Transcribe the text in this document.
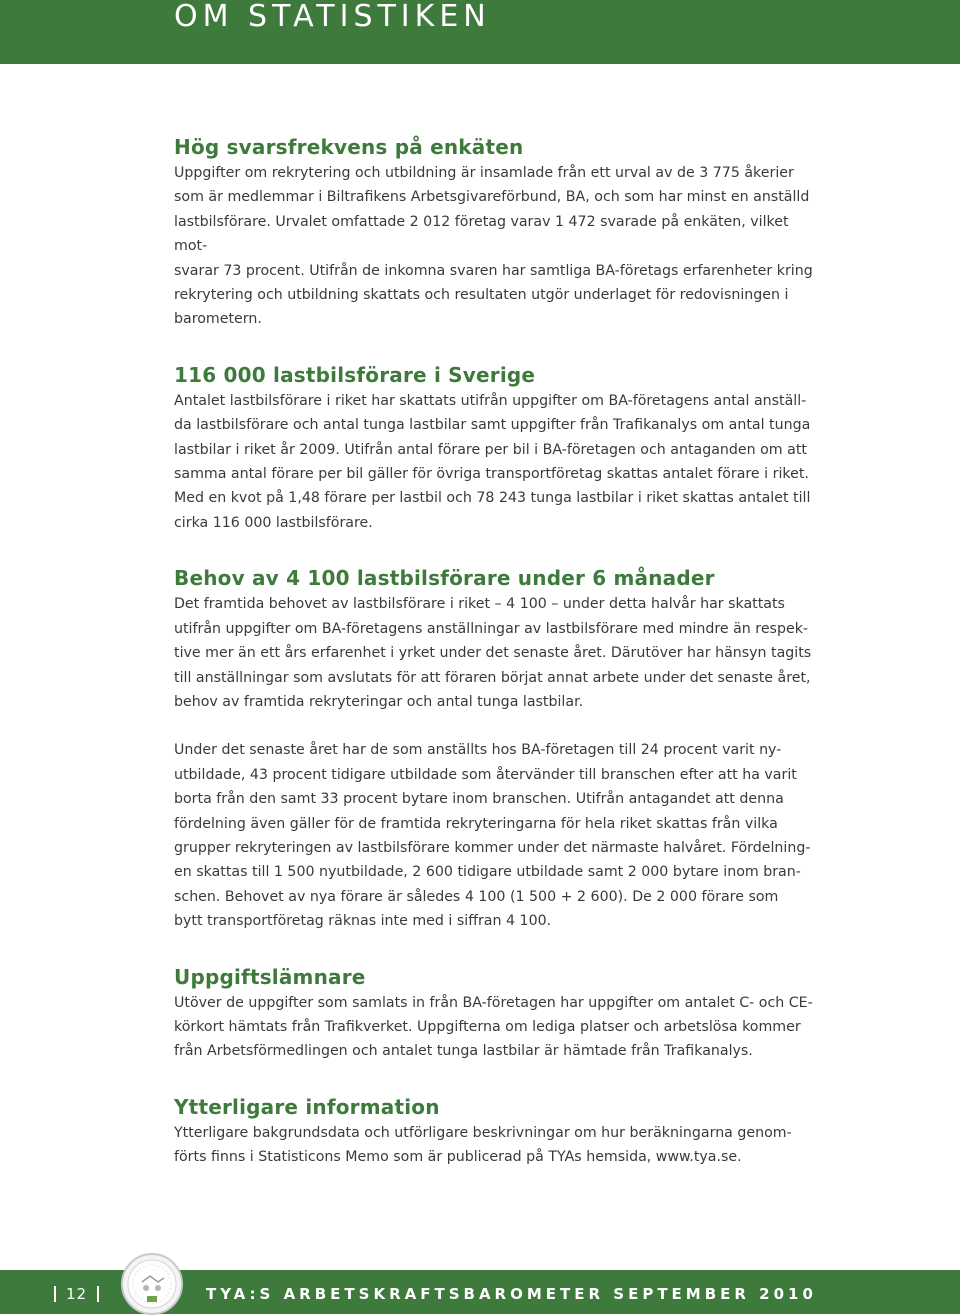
OM STATISTIKEN
Hög svarsfrekvens på enkäten

Uppgifter om rekrytering och utbildning är insamlade från ett urval av de 3 775 åkerier
som är medlemmar i Biltrafikens Arbetsgivareförbund, BA, och som har minst en anställd
lastbilsförare. Urvalet omfattade 2 012 företag varav 1 472 svarade på enkäten, vilket mot-
svarar 73 procent. Utifrån de inkomna svaren har samtliga BA-företags erfarenheter kring
rekrytering och utbildning skattats och resultaten utgör underlaget för redovisningen i
barometern.

116 000 lastbilsförare i Sverige

Antalet lastbilsförare i riket har skattats utifrån uppgifter om BA-företagens antal anställ-
da lastbilsförare och antal tunga lastbilar samt uppgifter från Trafikanalys om antal tunga
lastbilar i riket år 2009. Utifrån antal förare per bil i BA-företagen och antaganden om att
samma antal förare per bil gäller för övriga transportföretag skattas antalet förare i riket.
Med en kvot på 1,48 förare per lastbil och 78 243 tunga lastbilar i riket skattas antalet till
cirka 116 000 lastbilsförare.

Behov av 4 100 lastbilsförare under 6 månader

Det framtida behovet av lastbilsförare i riket – 4 100 – under detta halvår har skattats
utifrån uppgifter om BA-företagens anställningar av lastbilsförare med mindre än respek-
tive mer än ett års erfarenhet i yrket under det senaste året. Därutöver har hänsyn tagits
till anställningar som avslutats för att föraren börjat annat arbete under det senaste året,
behov av framtida rekryteringar och antal tunga lastbilar.

Under det senaste året har de som anställts hos BA-företagen till 24 procent varit ny-
utbildade, 43 procent tidigare utbildade som återvänder till branschen efter att ha varit
borta från den samt 33 procent bytare inom branschen. Utifrån antagandet att denna
fördelning även gäller för de framtida rekryteringarna för hela riket skattas från vilka
grupper rekryteringen av lastbilsförare kommer under det närmaste halvåret. Fördelning-
en skattas till 1 500 nyutbildade, 2 600 tidigare utbildade samt 2 000 bytare inom bran-
schen. Behovet av nya förare är således 4 100 (1 500 + 2 600). De 2 000 förare som
bytt transportföretag räknas inte med i siffran 4 100.

Uppgiftslämnare

Utöver de uppgifter som samlats in från BA-företagen har uppgifter om antalet C- och CE-
körkort hämtats från Trafikverket. Uppgifterna om lediga platser och arbetslösa kommer
från Arbetsförmedlingen och antalet tunga lastbilar är hämtade från Trafikanalys.

Ytterligare information

Ytterligare bakgrundsdata och utförligare beskrivningar om hur beräkningarna genom-
förts finns i Statisticons Memo som är publicerad på TYAs hemsida, www.tya.se.

12	TYA:S ARBETSKRAFTSBAROMETER SEPTEMBER 2010
